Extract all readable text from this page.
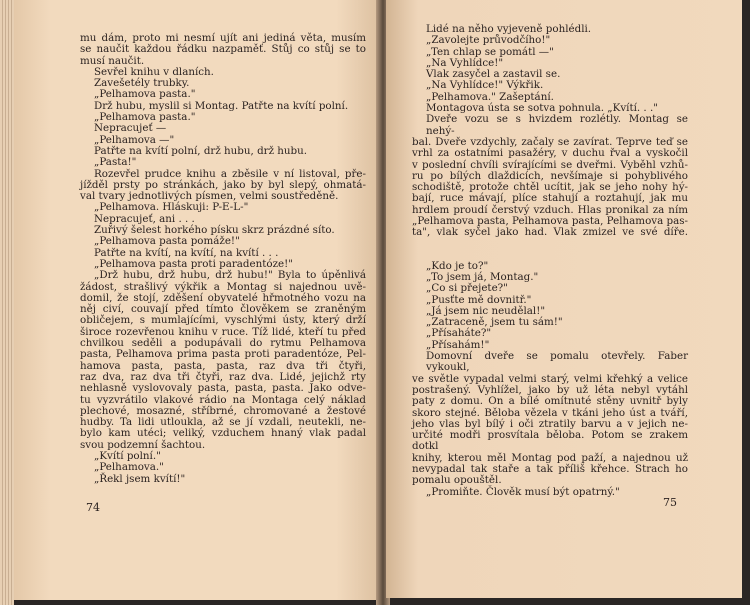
mu dám, proto mi nesmí ujít ani jediná věta, musím
se naučit každou řádku nazpaměť. Stůj co stůj se to
musí naučit.
Sevřel knihu v dlaních.
Zavešetély trubky.
„Pelhamova pasta."
Drž hubu, myslil si Montag. Patřte na kvítí polní.
„Pelhamova pasta."
Nepracujeť —
„Pelhamova —"
Patřte na kvítí polní, drž hubu, drž hubu.
„Pasta!"
Rozevřel prudce knihu a zběsile v ní listoval, pře-
jížděl prsty po stránkách, jako by byl slepý, ohmatá-
val tvary jednotlivých písmen, velmi soustředěně.
„Pelhamova. Hláskuji: P-E-L-"
Nepracujeť, ani . . .
Zuřivý šelest horkého písku skrz prázdné síto.
„Pelhamova pasta pomáže!"
Patřte na kvítí, na kvítí, na kvítí . . .
„Pelhamova pasta proti paradentóze!"
„Drž hubu, drž hubu, drž hubu!" Byla to úpěnlivá
žádost, strašlivý výkřik a Montag si najednou uvě-
domil, že stojí, zděšení obyvatelé hřmotného vozu na
něj civí, couvají před tímto člověkem se zraněným
obličejem, s mumlajícími, vyschlými ústy, který drží
široce rozevřenou knihu v ruce. Tíž lidé, kteří tu před
chvilkou seděli a podupávali do rytmu Pelhamova
pasta, Pelhamova prima pasta proti paradentóze, Pel-
hamova pasta, pasta, pasta, raz dva tři čtyři,
raz dva, raz dva tři čtyři, raz dva. Lidé, jejichž rty
nehlasně vyslovovaly pasta, pasta, pasta. Jako odve-
tu vyzvrátilo vlakové rádio na Montaga celý náklad
plechové, mosazné, stříbrné, chromované a žestové
hudby. Ta lidi utlouklа, až se jí vzdali, neutekli, ne-
bylo kam utéci; veliký, vzduchem hnaný vlak padal
svou podzemní šachtou.
„Kvítí polní."
„Pelhamova."
„Řekl jsem kvítí!"
74
Lidé na něho vyjeveně pohlédli.
„Zavolejte průvodčího!"
„Ten chlap se pomátl —"
„Na Vyhlídce!"
Vlak zasyčel a zastavil se.
„Na Vyhlídce!" Výkřik.
„Pelhamova." Zašeptání.
Montagova ústa se sotva pohnula. „Kvítí. . ."
Dveře vozu se s hvizdem rozlétly. Montag se nehý-
bal. Dveře vzdychly, začaly se zavírat. Teprve teď se
vrhl za ostatními pasažéry, v duchu řval a vyskočil
v poslední chvíli svírajícími se dveřmi. Vyběhl vzhů-
ru po bílých dlaždicích, nevšímaje si pohyblivého
schodiště, protože chtěl ucítit, jak se jeho nohy hý-
bají, ruce mávají, plíce stahují a roztahují, jak mu
hrdlem proudí čerstvý vzduch. Hlas pronikal za ním
„Pelhamova pasta, Pelhamova pasta, Pelhamova pas-
ta", vlak syčel jako had. Vlak zmizel ve své díře.
„Kdo je to?"
„To jsem já, Montag."
„Co si přejete?"
„Pusťte mě dovnitř."
„Já jsem nic neudělal!"
„Zatraceně, jsem tu sám!"
„Přísaháte?"
„Přísahám!"
Domovní dveře se pomalu otevřely. Faber vykoukl,
ve světle vypadal velmi starý, velmi křehký a velice
postrašený. Vyhlížel, jako by už léta nebyl vytáhl
paty z domu. On a bílé omítnuté stěny uvnitř byly
skoro stejné. Běloba vězela v tkáni jeho úst a tváří,
jeho vlas byl bílý i oči ztratily barvu a v jejich ne-
určité modři prosvítala běloba. Potom se zrakem dotkl
knihy, kterou měl Montag pod paží, a najednou už
nevypadal tak staře a tak příliš křehce. Strach ho
pomalu opouštěl.
„Promiňte. Člověk musí být opatrný."
75
